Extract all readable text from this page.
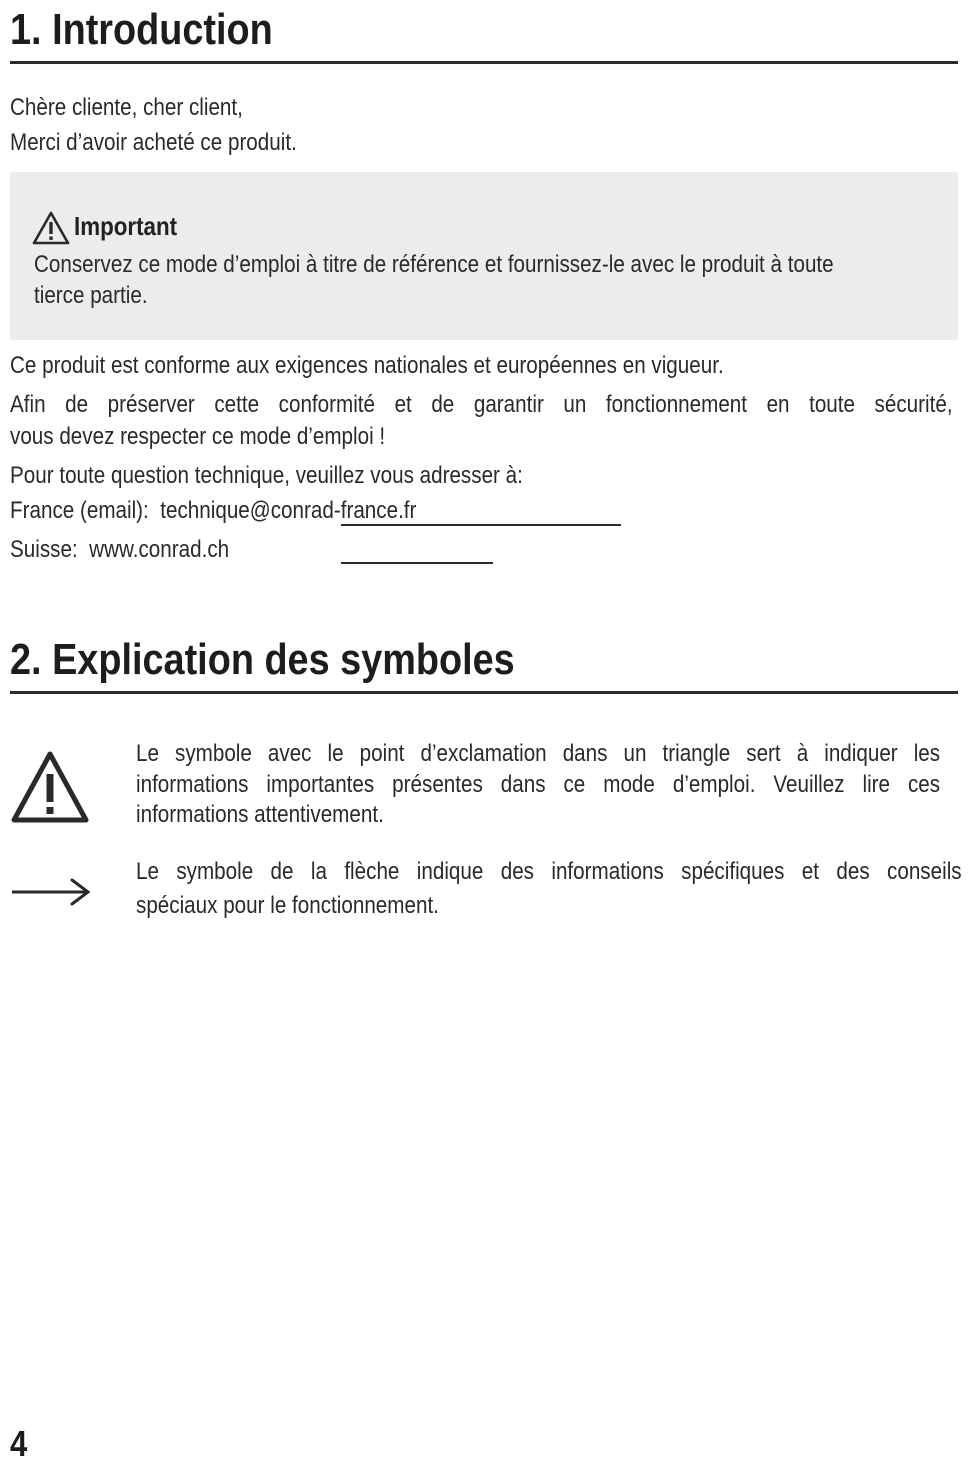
1. Introduction
Chère cliente, cher client,
Merci d’avoir acheté ce produit.
Important
Conservez ce mode d’emploi à titre de référence et fournissez-le avec le produit à toute
tierce partie.
Ce produit est conforme aux exigences nationales et européennes en vigueur.
Afin de préserver cette conformité et de garantir un fonctionnement en toute sécurité,
vous devez respecter ce mode d’emploi !
Pour toute question technique, veuillez vous adresser à:
France (email): technique@conrad-france.fr
Suisse: www.conrad.ch
2. Explication des symboles
Le symbole avec le point d’exclamation dans un triangle sert à indiquer les
informations importantes présentes dans ce mode d’emploi. Veuillez lire ces
informations attentivement.
Le symbole de la flèche indique des informations spécifiques et des conseils
spéciaux pour le fonctionnement.
4
